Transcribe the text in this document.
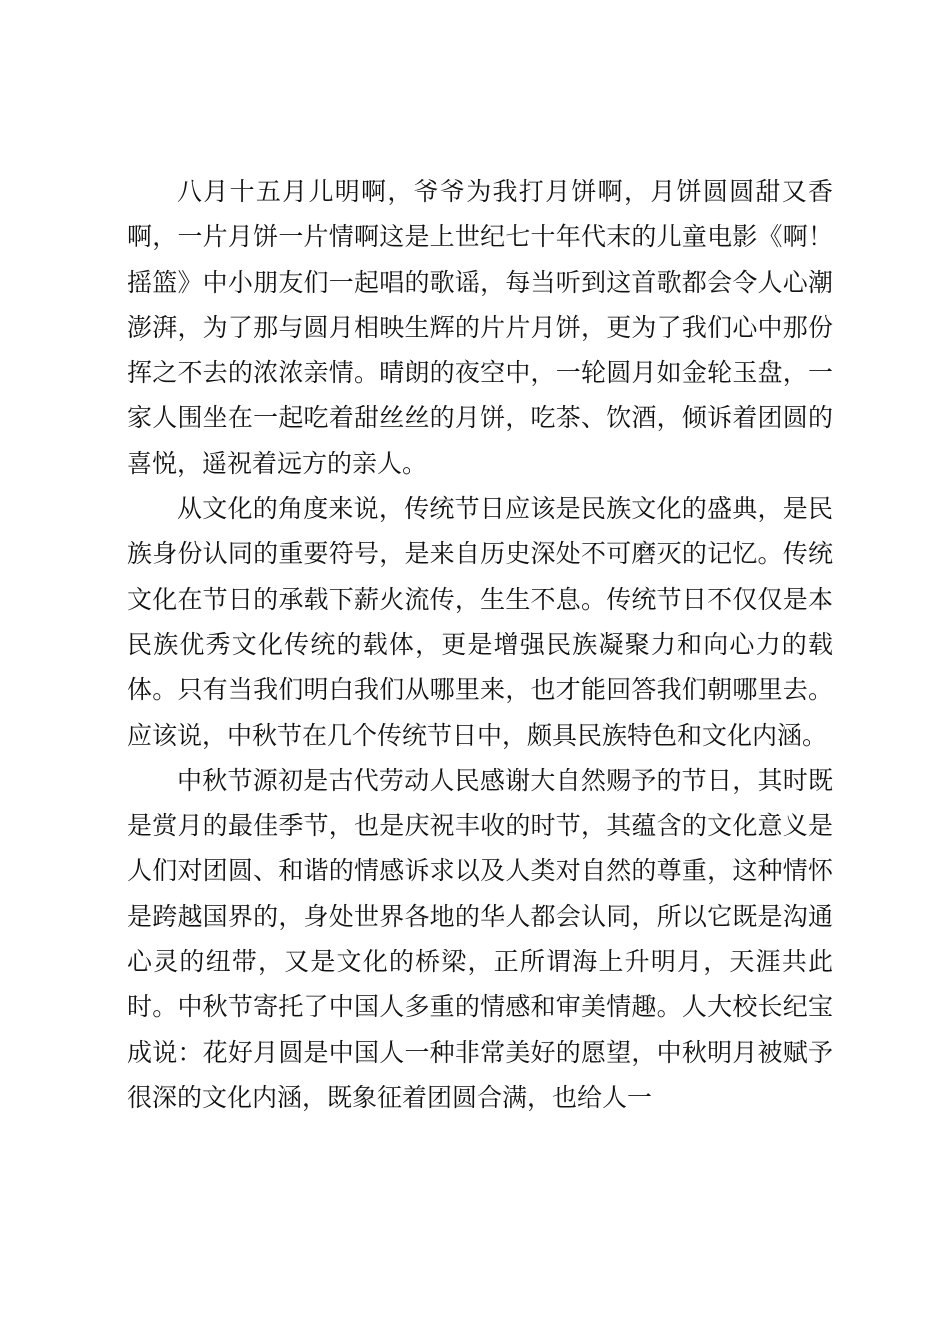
八月十五月儿明啊，爷爷为我打月饼啊，月饼圆圆甜又香啊，一片月饼一片情啊这是上世纪七十年代末的儿童电影《啊！摇篮》中小朋友们一起唱的歌谣，每当听到这首歌都会令人心潮澎湃，为了那与圆月相映生辉的片片月饼，更为了我们心中那份挥之不去的浓浓亲情。晴朗的夜空中，一轮圆月如金轮玉盘，一家人围坐在一起吃着甜丝丝的月饼，吃茶、饮酒，倾诉着团圆的喜悦，遥祝着远方的亲人。

从文化的角度来说，传统节日应该是民族文化的盛典，是民族身份认同的重要符号，是来自历史深处不可磨灭的记忆。传统文化在节日的承载下薪火流传，生生不息。传统节日不仅仅是本民族优秀文化传统的载体，更是增强民族凝聚力和向心力的载体。只有当我们明白我们从哪里来，也才能回答我们朝哪里去。应该说，中秋节在几个传统节日中，颇具民族特色和文化内涵。

中秋节源初是古代劳动人民感谢大自然赐予的节日，其时既是赏月的最佳季节，也是庆祝丰收的时节，其蕴含的文化意义是人们对团圆、和谐的情感诉求以及人类对自然的尊重，这种情怀是跨越国界的，身处世界各地的华人都会认同，所以它既是沟通心灵的纽带，又是文化的桥梁，正所谓海上升明月，天涯共此时。中秋节寄托了中国人多重的情感和审美情趣。人大校长纪宝成说：花好月圆是中国人一种非常美好的愿望，中秋明月被赋予很深的文化内涵，既象征着团圆合满，也给人一
